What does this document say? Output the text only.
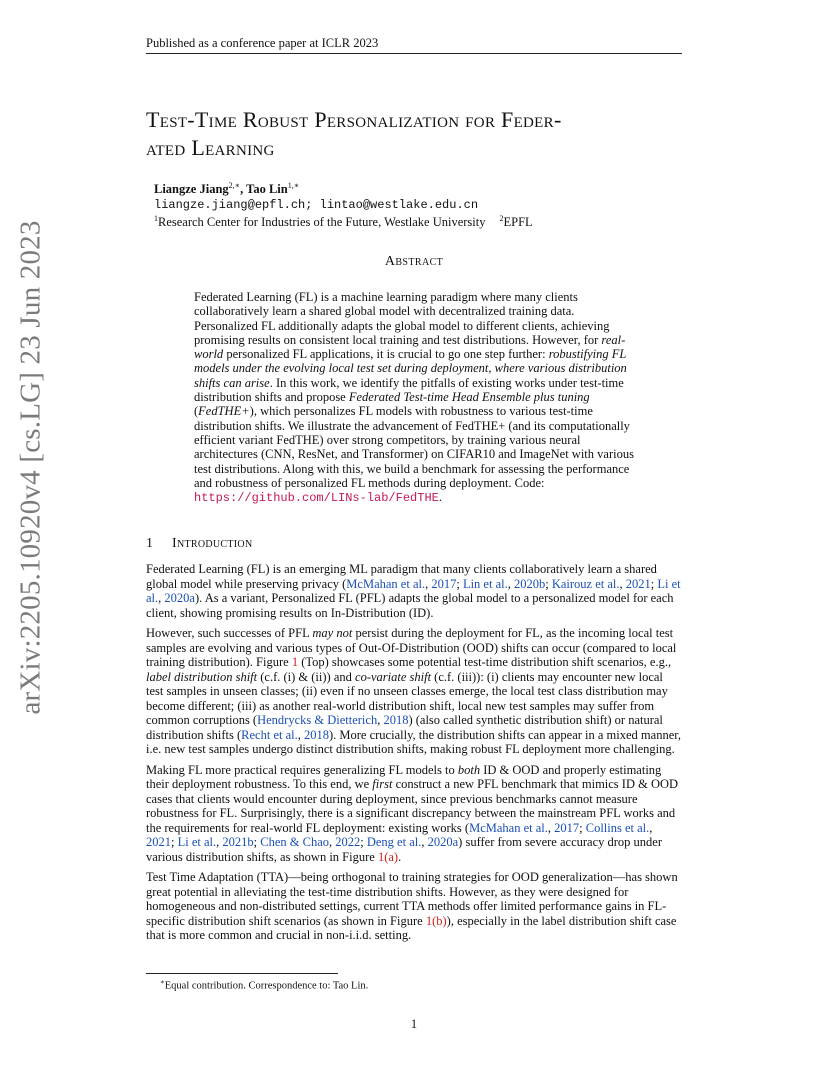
Published as a conference paper at ICLR 2023
arXiv:2205.10920v4 [cs.LG] 23 Jun 2023
Test-Time Robust Personalization for Feder-
ated Learning
Liangze Jiang$^{2,∗}$, Tao Lin$^{1,∗}$
liangze.jiang@epfl.ch; lintao@westlake.edu.cn
$^1$Research Center for Industries of the Future, Westlake University $^2$EPFL
Abstract
Federated Learning (FL) is a machine learning paradigm where many clients collaboratively learn a shared global model with decentralized training data. Personalized FL additionally adapts the global model to different clients, achieving promising results on consistent local training and test distributions. However, for real-world personalized FL applications, it is crucial to go one step further: robustifying FL models under the evolving local test set during deployment, where various distribution shifts can arise. In this work, we identify the pitfalls of existing works under test-time distribution shifts and propose Federated Test-time Head Ensemble plus tuning (FedTHE+), which personalizes FL models with robustness to various test-time distribution shifts. We illustrate the advancement of FedTHE+ (and its computationally efficient variant FedTHE) over strong competitors, by training various neural architectures (CNN, ResNet, and Transformer) on CIFAR10 and ImageNet with various test distributions. Along with this, we build a benchmark for assessing the performance and robustness of personalized FL methods during deployment. Code: https://github.com/LINs-lab/FedTHE.
1 Introduction

Federated Learning (FL) is an emerging ML paradigm that many clients collaboratively learn a shared global model while preserving privacy (McMahan et al., 2017; Lin et al., 2020b; Kairouz et al., 2021; Li et al., 2020a). As a variant, Personalized FL (PFL) adapts the global model to a personalized model for each client, showing promising results on In-Distribution (ID).

However, such successes of PFL may not persist during the deployment for FL, as the incoming local test samples are evolving and various types of Out-Of-Distribution (OOD) shifts can occur (compared to local training distribution). Figure 1 (Top) showcases some potential test-time distribution shift scenarios, e.g., label distribution shift (c.f. (i) & (ii)) and co-variate shift (c.f. (iii)): (i) clients may encounter new local test samples in unseen classes; (ii) even if no unseen classes emerge, the local test class distribution may become different; (iii) as another real-world distribution shift, local new test samples may suffer from common corruptions (Hendrycks & Dietterich, 2018) (also called synthetic distribution shift) or natural distribution shifts (Recht et al., 2018). More crucially, the distribution shifts can appear in a mixed manner, i.e. new test samples undergo distinct distribution shifts, making robust FL deployment more challenging.

Making FL more practical requires generalizing FL models to both ID & OOD and properly estimating their deployment robustness. To this end, we first construct a new PFL benchmark that mimics ID & OOD cases that clients would encounter during deployment, since previous benchmarks cannot measure robustness for FL. Surprisingly, there is a significant discrepancy between the mainstream PFL works and the requirements for real-world FL deployment: existing works (McMahan et al., 2017; Collins et al., 2021; Li et al., 2021b; Chen & Chao, 2022; Deng et al., 2020a) suffer from severe accuracy drop under various distribution shifts, as shown in Figure 1(a).

Test Time Adaptation (TTA)—being orthogonal to training strategies for OOD generalization—has shown great potential in alleviating the test-time distribution shifts. However, as they were designed for homogeneous and non-distributed settings, current TTA methods offer limited performance gains in FL-specific distribution shift scenarios (as shown in Figure 1(b)), especially in the label distribution shift case that is more common and crucial in non-i.i.d. setting.

∗Equal contribution. Correspondence to: Tao Lin.
1
